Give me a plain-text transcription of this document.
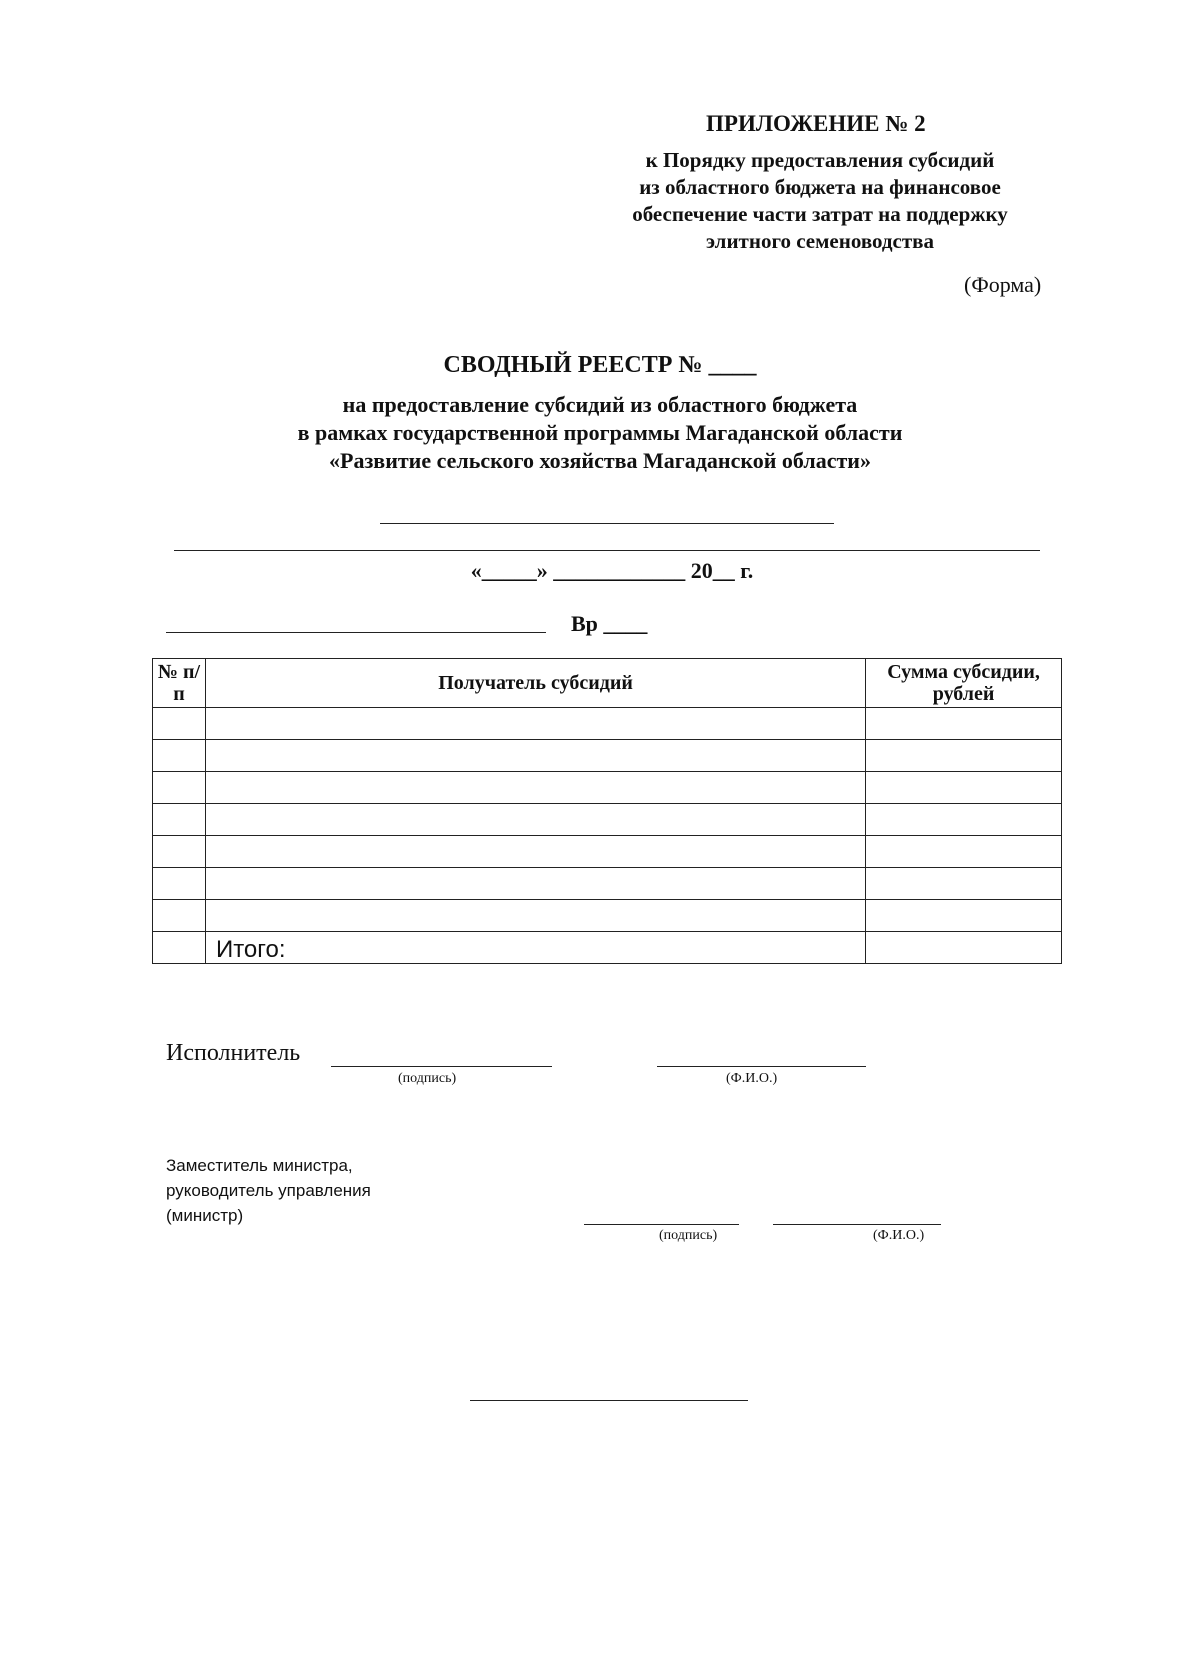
ПРИЛОЖЕНИЕ № 2
к Порядку предоставления субсидий
из областного бюджета на финансовое
обеспечение части затрат на поддержку
элитного семеноводства
(Форма)
СВОДНЫЙ РЕЕСТР № ____
на предоставление субсидий из областного бюджета
в рамках государственной программы Магаданской области
«Развитие сельского хозяйства Магаданской области»
«_____» ____________ 20__ г.
Вр ____
№ п/п	Получатель субсидий	Сумма субсидии, рублей

	Итого:	
Исполнитель
(подпись)	(Ф.И.О.)
Заместитель министра,
руководитель управления
(министр)
(подпись)	(Ф.И.О.)
